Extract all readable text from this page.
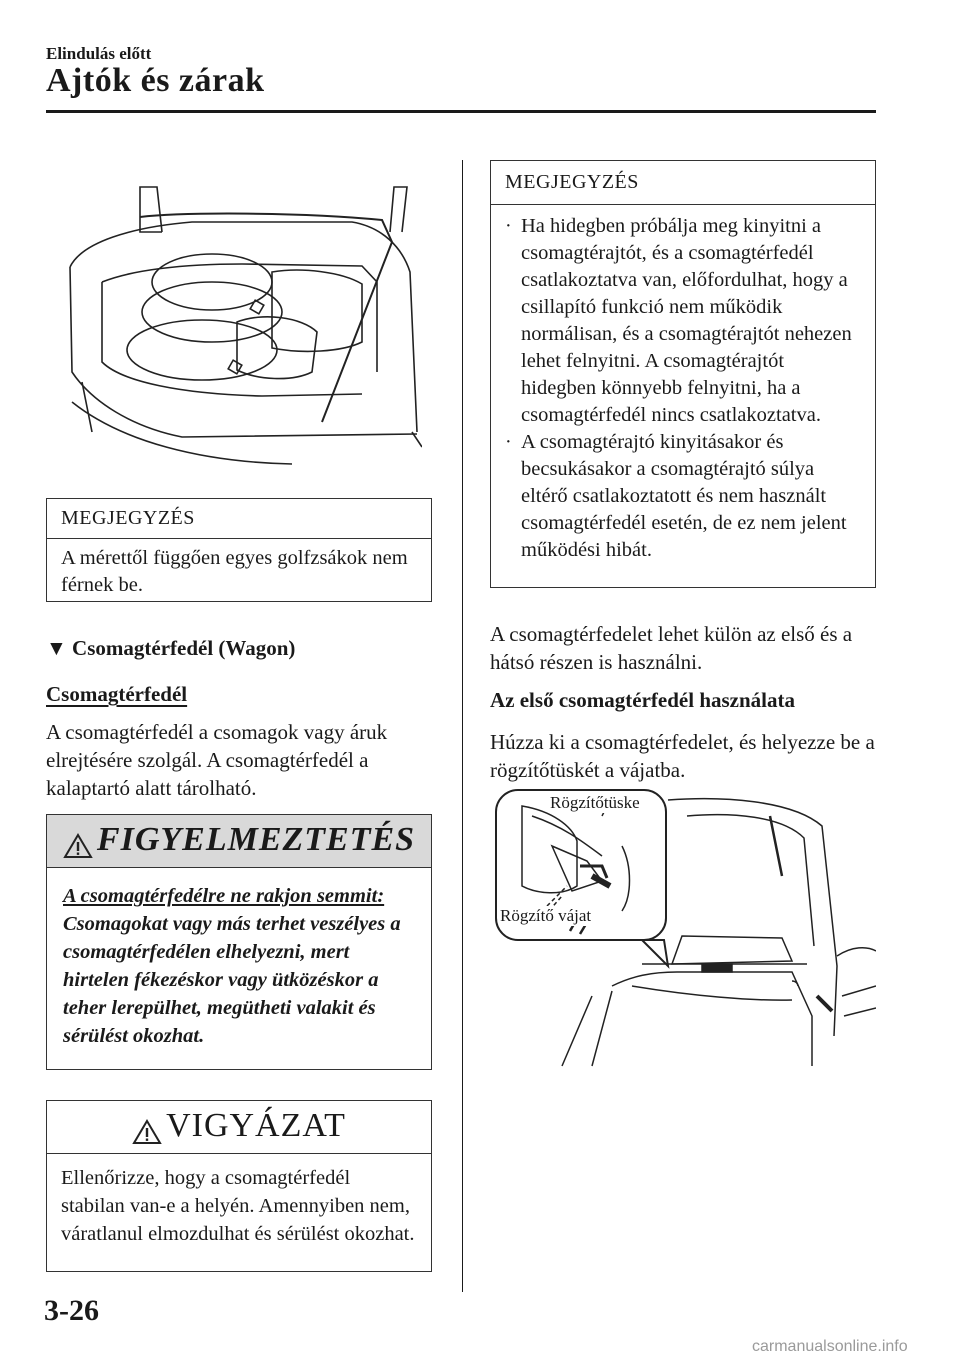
Elindulás előtt
Ajtók és zárak
MEGJEGYZÉS
A mérettől függően egyes golfzsákok nem férnek be.
▼ Csomagtérfedél (Wagon)
Csomagtérfedél
A csomagtérfedél a csomagok vagy áruk elrejtésére szolgál. A csomagtérfedél a kalaptartó alatt tárolható.
FIGYELMEZTETÉS
A csomagtérfedélre ne rakjon semmit:
Csomagokat vagy más terhet veszélyes a csomagtérfedélen elhelyezni, mert hirtelen fékezéskor vagy ütközéskor a teher lerepülhet, megütheti valakit és sérülést okozhat.
VIGYÁZAT
Ellenőrizze, hogy a csomagtérfedél stabilan van-e a helyén. Amennyiben nem, váratlanul elmozdulhat és sérülést okozhat.
MEGJEGYZÉS
· Ha hidegben próbálja meg kinyitni a csomagtérajtót, és a csomagtérfedél csatlakoztatva van, előfordulhat, hogy a csillapító funkció nem működik normálisan, és a csomagtérajtót nehezen lehet felnyitni. A csomagtérajtót hidegben könnyebb felnyitni, ha a csomagtérfedél nincs csatlakoztatva.
· A csomagtérajtó kinyitásakor és becsukásakor a csomagtérajtó súlya eltérő csatlakoztatott és nem használt csomagtérfedél esetén, de ez nem jelent működési hibát.
A csomagtérfedelet lehet külön az első és a hátsó részen is használni.
Az első csomagtérfedél használata
Húzza ki a csomagtérfedelet, és helyezze be a rögzítőtüskét a vájatba.
Rögzítőtüske
Rögzítő vájat
3-26
carmanualsonline.info
